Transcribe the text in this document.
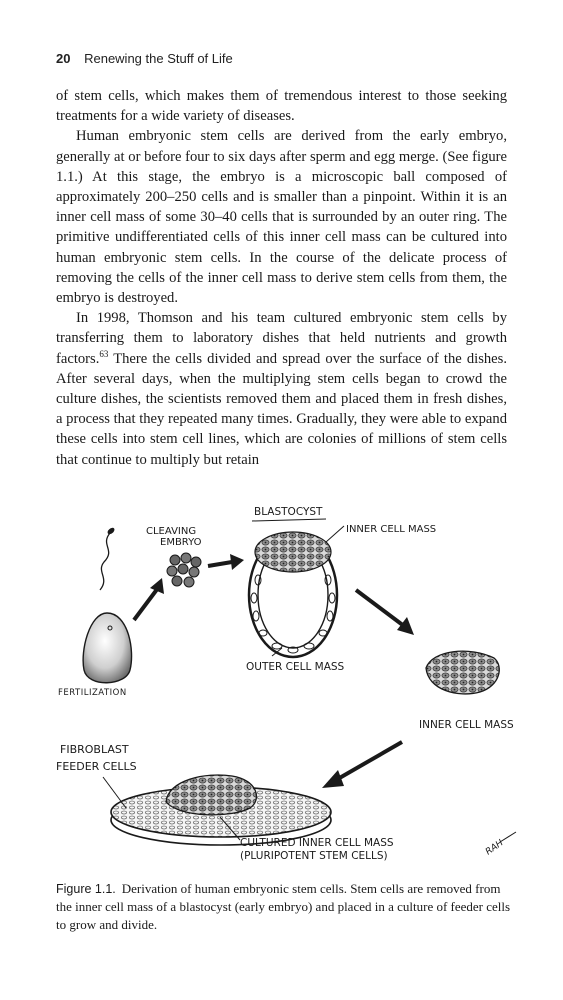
20 Renewing the Stuff of Life

of stem cells, which makes them of tremendous interest to those seeking treatments for a wide variety of diseases.

Human embryonic stem cells are derived from the early embryo, generally at or before four to six days after sperm and egg merge. (See figure 1.1.) At this stage, the embryo is a microscopic ball composed of approximately 200–250 cells and is smaller than a pinpoint. Within it is an inner cell mass of some 30–40 cells that is surrounded by an outer ring. The primitive undifferentiated cells of this inner cell mass can be cultured into human embryonic stem cells. In the course of the delicate process of removing the cells of the inner cell mass to derive stem cells from them, the embryo is destroyed.

In 1998, Thomson and his team cultured embryonic stem cells by transferring them to laboratory dishes that held nutrients and growth factors.$^{63}$ There the cells divided and spread over the surface of the dishes. After several days, when the multiplying stem cells began to crowd the culture dishes, the scientists removed them and placed them in fresh dishes, a process that they repeated many times. Gradually, they were able to expand these cells into stem cell lines, which are colonies of millions of stem cells that continue to multiply but retain

FERTILIZATION
CLEAVING
EMBRYO
BLASTOCYST
INNER CELL MASS
OUTER CELL MASS
INNER CELL MASS
FIBROBLAST
FEEDER CELLS
CULTURED INNER CELL MASS
(PLURIPOTENT STEM CELLS)	RAH
Figure 1.1. Derivation of human embryonic stem cells. Stem cells are removed from the inner cell mass of a blastocyst (early embryo) and placed in a culture of feeder cells to grow and divide.
